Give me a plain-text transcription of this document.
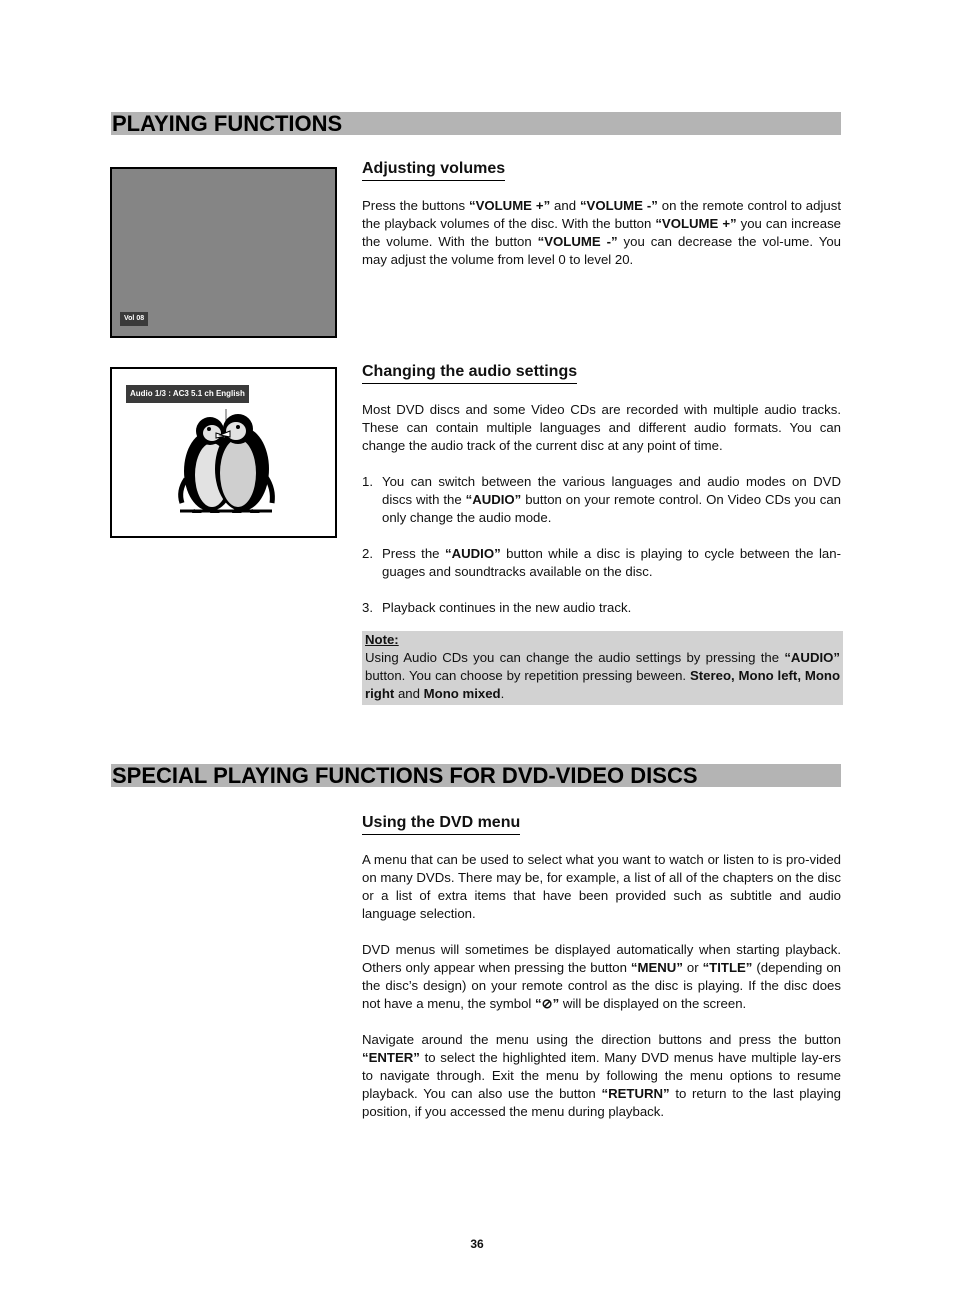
PLAYING FUNCTIONS
Vol 08
Adjusting volumes

Press the buttons “VOLUME +” and “VOLUME -” on the remote control to adjust the playback volumes of the disc. With the button “VOLUME +” you can increase the volume. With the button “VOLUME -” you can decrease the vol-ume. You may adjust the volume from level 0 to level 20.

Audio 1/3 : AC3 5.1 ch English
Changing the audio settings

Most DVD discs and some Video CDs are recorded with multiple audio tracks. These can contain multiple languages and different audio formats. You can change the audio track of the current disc at any point of time.

1. You can switch between the various languages and audio modes on DVD discs with the “AUDIO” button on your remote control. On Video CDs you can only change the audio mode.
2. Press the “AUDIO” button while a disc is playing to cycle between the lan-guages and soundtracks available on the disc.
3. Playback continues in the new audio track.
Note:
Using Audio CDs you can change the audio settings by pressing the “AUDIO” button. You can choose by repetition pressing beween. Stereo, Mono left, Mono right and Mono mixed.
SPECIAL PLAYING FUNCTIONS FOR DVD-VIDEO DISCS
Using the DVD menu

A menu that can be used to select what you want to watch or listen to is pro-vided on many DVDs. There may be, for example, a list of all of the chapters on the disc or a list of extra items that have been provided such as subtitle and audio language selection.

DVD menus will sometimes be displayed automatically when starting playback. Others only appear when pressing the button “MENU” or “TITLE” (depending on the disc’s design) on your remote control as the disc is playing. If the disc does not have a menu, the symbol “⊘” will be displayed on the screen.

Navigate around the menu using the direction buttons and press the button “ENTER” to select the highlighted item. Many DVD menus have multiple lay-ers to navigate through. Exit the menu by following the menu options to resume playback. You can also use the button “RETURN” to return to the last playing position, if you accessed the menu during playback.

36
